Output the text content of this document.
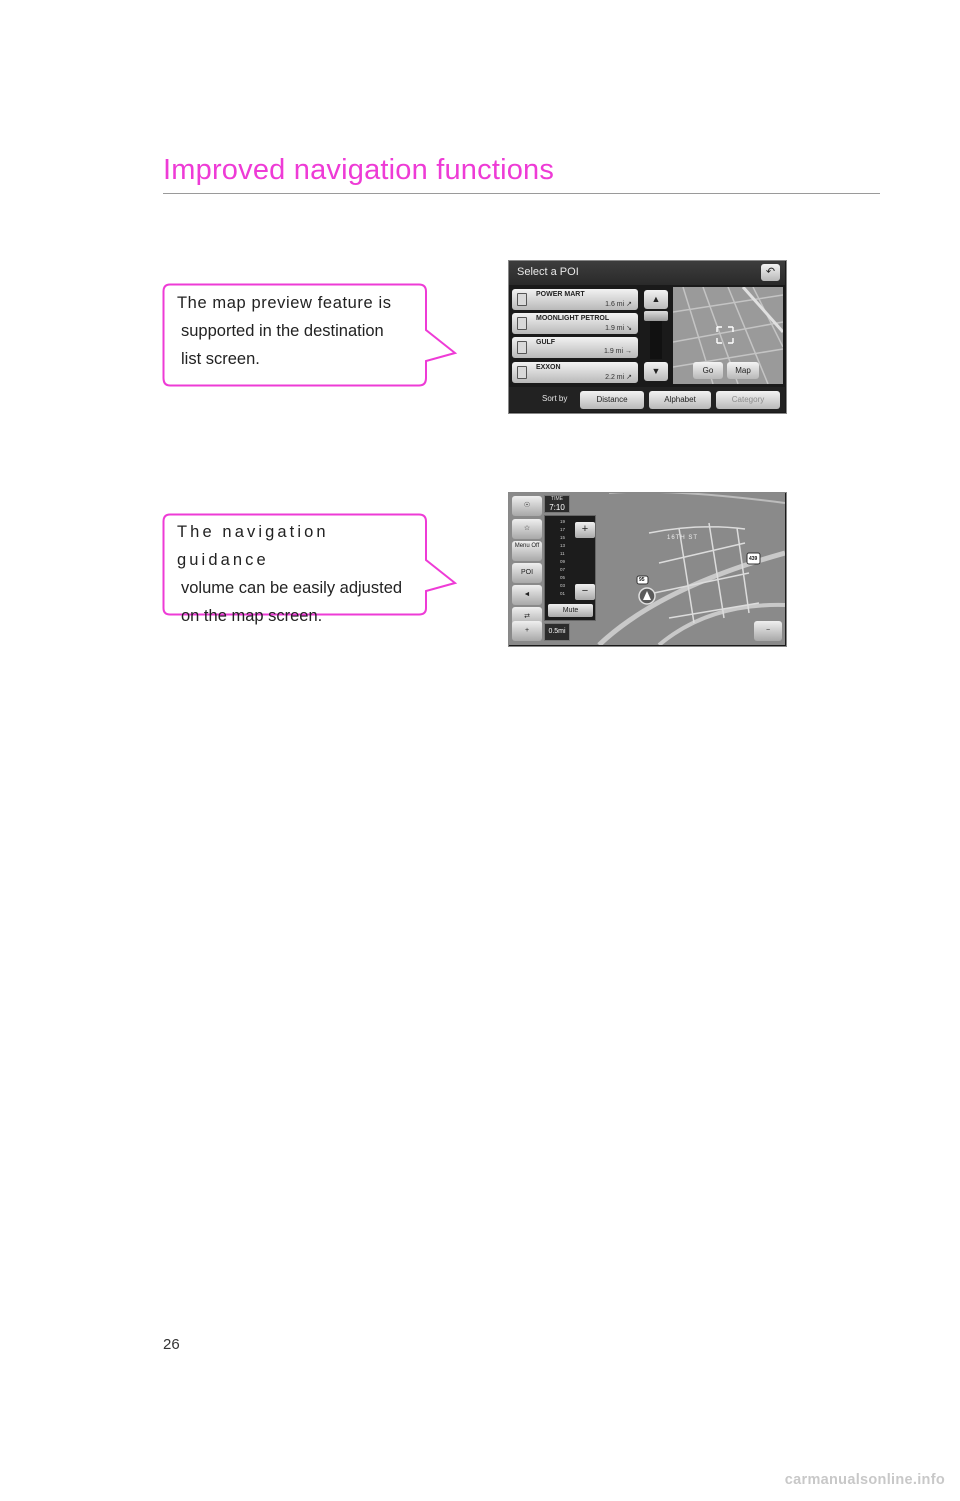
Improved navigation functions
The map preview feature is
supported in the destination
list screen.
The navigation guidance
volume can be easily adjusted
on the map screen.
Select a POI	↶
POWER MART
1.6 mi ↗
MOONLIGHT PETROL
1.9 mi ↘
GULF
1.9 mi →
EXXON
2.2 mi ↗
▲
▼	Go	Map
Sort by	Distance	Alphabet	Category
16TH ST
439
95
☉
☆
Menu Off
POI
◄
⇄
+
TIME
7:10
19
17
15
13
11
09
07
05
03
01
+
−
Mute
0.5mi	−
26
carmanualsonline.info
